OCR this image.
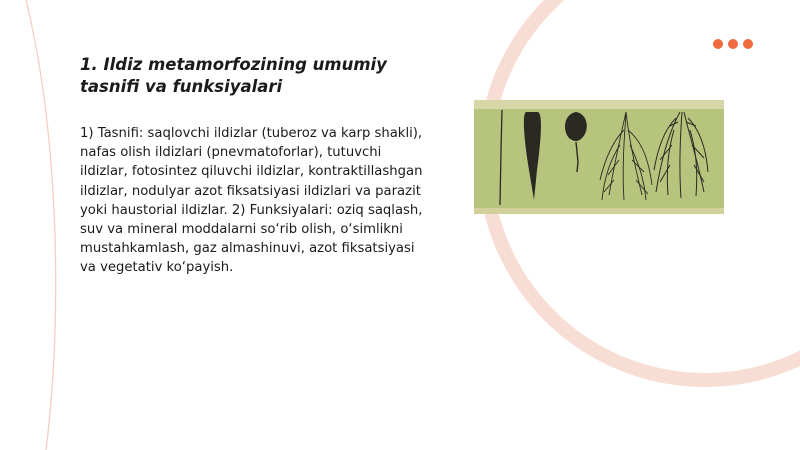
1. Ildiz metamorfozining umumiy tasnifi va funksiyalari

1) Tasnifi: saqlovchi ildizlar (tuberoz va karp shakli), nafas olish ildizlari (pnevmatoforlar), tutuvchi ildizlar, fotosintez qiluvchi ildizlar, kontraktillashgan ildizlar, nodulyar azot fiksatsiyasi ildizlari va parazit yoki haustorial ildizlar. 2) Funksiyalari: oziq saqlash, suv va mineral moddalarni so‘rib olish, o‘simlikni mustahkamlash, gaz almashinuvi, azot fiksatsiyasi va vegetativ ko‘payish.
